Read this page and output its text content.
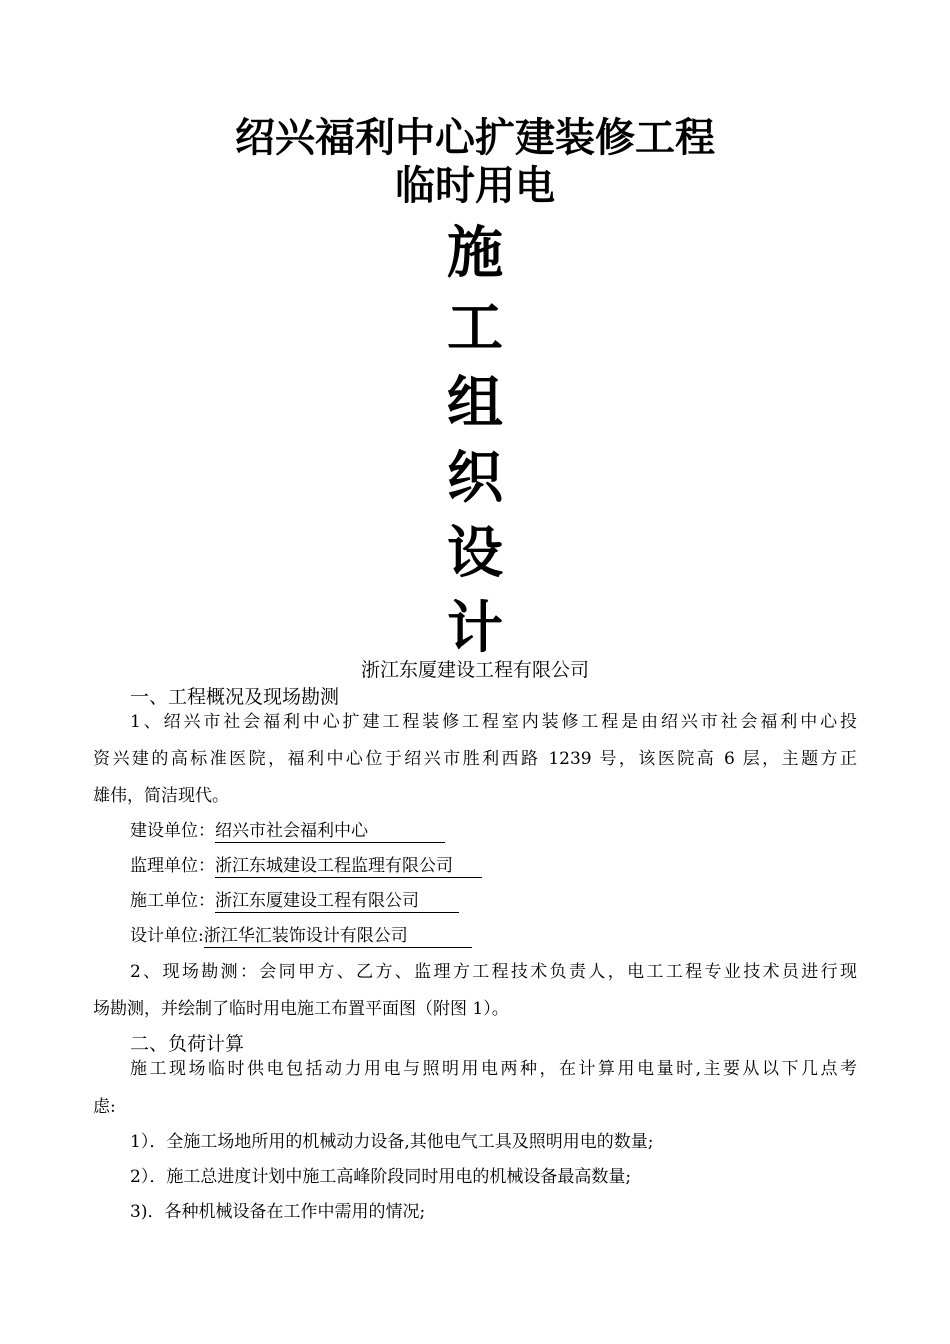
绍兴福利中心扩建装修工程
临时用电
施
工
组
织
设
计
浙江东厦建设工程有限公司
一、工程概况及现场勘测
1、绍兴市社会福利中心扩建工程装修工程室内装修工程是由绍兴市社会福利中心投
资兴建的高标准医院，福利中心位于绍兴市胜利西路 1239 号，该医院高 6 层，主题方正
雄伟，简洁现代。
建设单位：绍兴市社会福利中心
监理单位：浙江东城建设工程监理有限公司
施工单位：浙江东厦建设工程有限公司
设计单位:浙江华汇装饰设计有限公司
2、现场勘测：会同甲方、乙方、监理方工程技术负责人，电工工程专业技术员进行现
场勘测，并绘制了临时用电施工布置平面图（附图 1）。
二、负荷计算
施工现场临时供电包括动力用电与照明用电两种，在计算用电量时,主要从以下几点考
虑:
1）．全施工场地所用的机械动力设备,其他电气工具及照明用电的数量;
2）．施工总进度计划中施工高峰阶段同时用电的机械设备最高数量;
3)．各种机械设备在工作中需用的情况;
